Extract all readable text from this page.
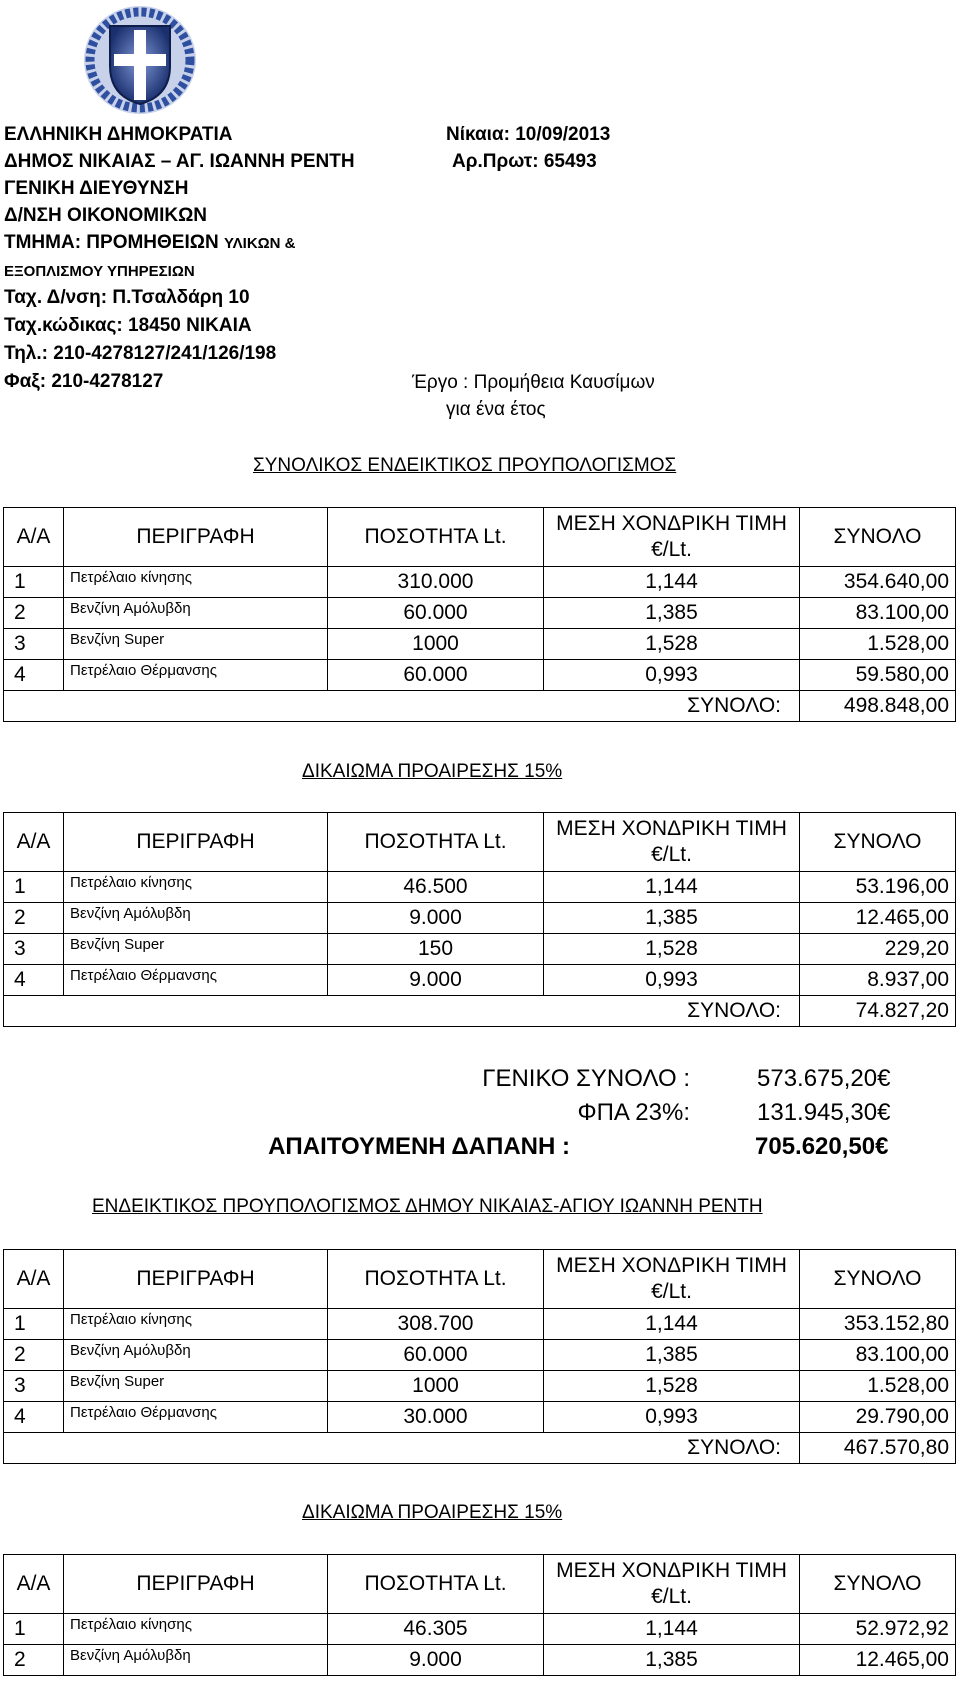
ΕΛΛΗΝΙΚΗ ΔΗΜΟΚΡΑΤΙΑ
ΔΗΜΟΣ ΝΙΚΑΙΑΣ – ΑΓ. ΙΩΑΝΝΗ ΡΕΝΤΗ
ΓΕΝΙΚΗ ΔΙΕΥΘΥΝΣΗ
Δ/ΝΣΗ ΟΙΚΟΝΟΜΙΚΩΝ
ΤΜΗΜΑ: ΠΡΟΜΗΘΕΙΩΝ ΥΛΙΚΩΝ &
ΕΞΟΠΛΙΣΜΟΥ ΥΠΗΡΕΣΙΩΝ
Ταχ. Δ/νση: Π.Τσαλδάρη 10
Ταχ.κώδικας: 18450 ΝΙΚΑΙΑ
Τηλ.: 210-4278127/241/126/198
Φαξ: 210-4278127
Νίκαια: 10/09/2013
Αρ.Πρωτ: 65493
Έργο : Προμήθεια Καυσίμων
για ένα έτος
ΣΥΝΟΛΙΚΟΣ ΕΝΔΕΙΚΤΙΚΟΣ ΠΡΟΥΠΟΛΟΓΙΣΜΟΣ
Α/Α	ΠΕΡΙΓΡΑΦΗ	ΠΟΣΟΤΗΤΑ Lt.	ΜΕΣΗ ΧΟΝΔΡΙΚΗ ΤΙΜΗ
€/Lt.	ΣΥΝΟΛΟ
1	Πετρέλαιο κίνησης	310.000	1,144	354.640,00
2	Βενζίνη Αμόλυβδη	60.000	1,385	83.100,00
3	Βενζίνη Super	1000	1,528	1.528,00
4	Πετρέλαιο Θέρμανσης	60.000	0,993	59.580,00
ΣΥΝΟΛΟ:				498.848,00
ΔΙΚΑΙΩΜΑ ΠΡΟΑΙΡΕΣΗΣ 15%
Α/Α	ΠΕΡΙΓΡΑΦΗ	ΠΟΣΟΤΗΤΑ Lt.	ΜΕΣΗ ΧΟΝΔΡΙΚΗ ΤΙΜΗ
€/Lt.	ΣΥΝΟΛΟ
1	Πετρέλαιο κίνησης	46.500	1,144	53.196,00
2	Βενζίνη Αμόλυβδη	9.000	1,385	12.465,00
3	Βενζίνη Super	150	1,528	229,20
4	Πετρέλαιο Θέρμανσης	9.000	0,993	8.937,00
ΣΥΝΟΛΟ:				74.827,20
ΓΕΝΙΚΟ ΣΥΝΟΛΟ :	573.675,20€
ΦΠΑ 23%:	131.945,30€
ΑΠΑΙΤΟΥΜΕΝΗ ΔΑΠΑΝΗ :	705.620,50€
ΕΝΔΕΙΚΤΙΚΟΣ ΠΡΟΥΠΟΛΟΓΙΣΜΟΣ ΔΗΜΟΥ ΝΙΚΑΙΑΣ-ΑΓΙΟΥ ΙΩΑΝΝΗ ΡΕΝΤΗ
Α/Α	ΠΕΡΙΓΡΑΦΗ	ΠΟΣΟΤΗΤΑ Lt.	ΜΕΣΗ ΧΟΝΔΡΙΚΗ ΤΙΜΗ
€/Lt.	ΣΥΝΟΛΟ
1	Πετρέλαιο κίνησης	308.700	1,144	353.152,80
2	Βενζίνη Αμόλυβδη	60.000	1,385	83.100,00
3	Βενζίνη Super	1000	1,528	1.528,00
4	Πετρέλαιο Θέρμανσης	30.000	0,993	29.790,00
ΣΥΝΟΛΟ:				467.570,80
ΔΙΚΑΙΩΜΑ ΠΡΟΑΙΡΕΣΗΣ 15%
Α/Α	ΠΕΡΙΓΡΑΦΗ	ΠΟΣΟΤΗΤΑ Lt.	ΜΕΣΗ ΧΟΝΔΡΙΚΗ ΤΙΜΗ
€/Lt.	ΣΥΝΟΛΟ
1	Πετρέλαιο κίνησης	46.305	1,144	52.972,92
2	Βενζίνη Αμόλυβδη	9.000	1,385	12.465,00
